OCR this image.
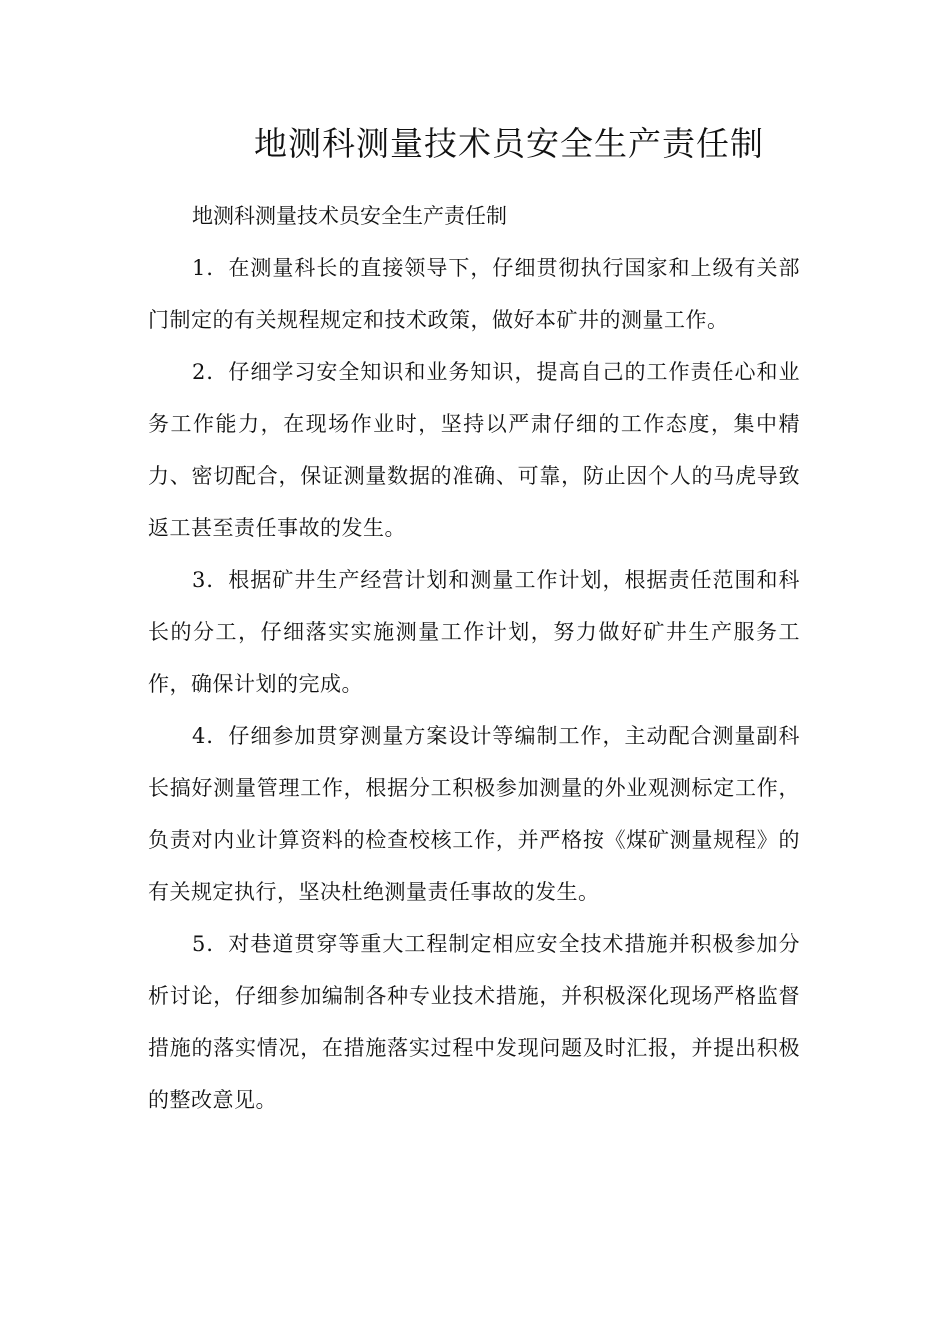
地测科测量技术员安全生产责任制

地测科测量技术员安全生产责任制

1．在测量科长的直接领导下，仔细贯彻执行国家和上级有关部门制定的有关规程规定和技术政策，做好本矿井的测量工作。

2．仔细学习安全知识和业务知识，提高自己的工作责任心和业务工作能力，在现场作业时，坚持以严肃仔细的工作态度，集中精力、密切配合，保证测量数据的准确、可靠，防止因个人的马虎导致返工甚至责任事故的发生。

3．根据矿井生产经营计划和测量工作计划，根据责任范围和科长的分工，仔细落实实施测量工作计划，努力做好矿井生产服务工作，确保计划的完成。

4．仔细参加贯穿测量方案设计等编制工作，主动配合测量副科长搞好测量管理工作，根据分工积极参加测量的外业观测标定工作，负责对内业计算资料的检查校核工作，并严格按《煤矿测量规程》的有关规定执行，坚决杜绝测量责任事故的发生。

5．对巷道贯穿等重大工程制定相应安全技术措施并积极参加分析讨论，仔细参加编制各种专业技术措施，并积极深化现场严格监督措施的落实情况，在措施落实过程中发现问题及时汇报，并提出积极的整改意见。
